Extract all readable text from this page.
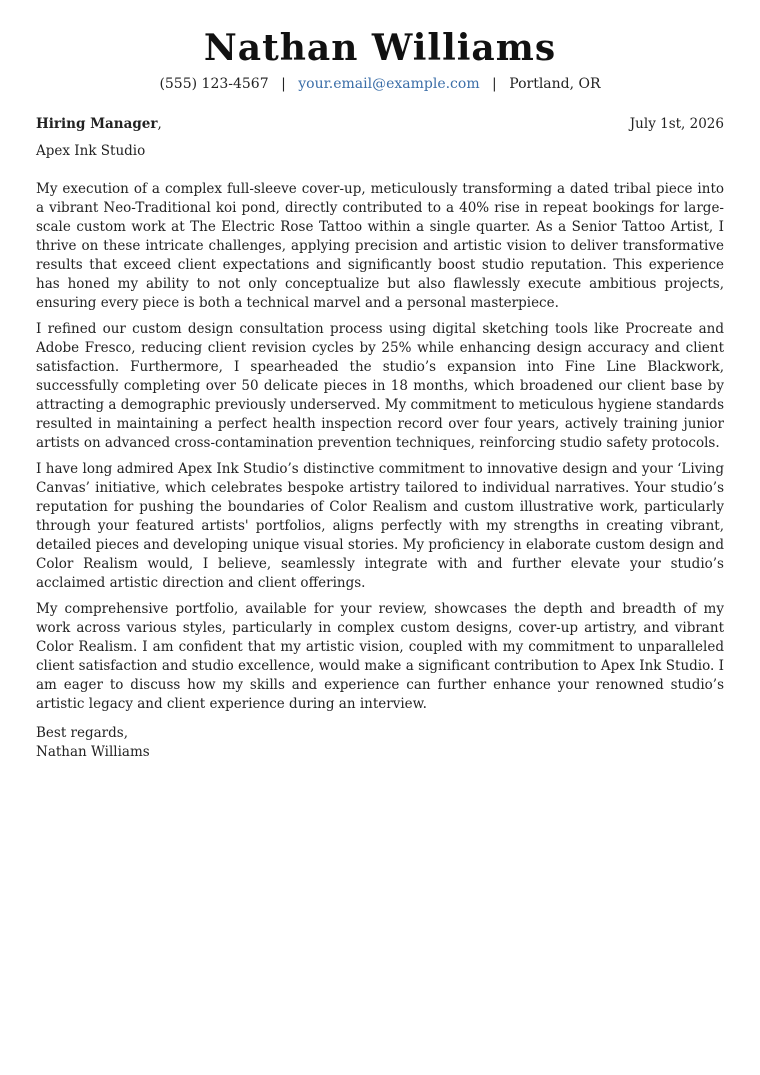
Nathan Williams
(555) 123-4567 | your.email@example.com | Portland, OR
Hiring Manager,	July 1st, 2026
Apex Ink Studio

My execution of a complex full-sleeve cover-up, meticulously transforming a dated tribal piece into a vibrant Neo-Traditional koi pond, directly contributed to a 40% rise in repeat bookings for large-scale custom work at The Electric Rose Tattoo within a single quarter. As a Senior Tattoo Artist, I thrive on these intricate challenges, applying precision and artistic vision to deliver transformative results that exceed client expectations and significantly boost studio reputation. This experience has honed my ability to not only conceptualize but also flawlessly execute ambitious projects, ensuring every piece is both a technical marvel and a personal masterpiece.

I refined our custom design consultation process using digital sketching tools like Procreate and Adobe Fresco, reducing client revision cycles by 25% while enhancing design accuracy and client satisfaction. Furthermore, I spearheaded the studio’s expansion into Fine Line Blackwork, successfully completing over 50 delicate pieces in 18 months, which broadened our client base by attracting a demographic previously underserved. My commitment to meticulous hygiene standards resulted in maintaining a perfect health inspection record over four years, actively training junior artists on advanced cross-contamination prevention techniques, reinforcing studio safety protocols.

I have long admired Apex Ink Studio’s distinctive commitment to innovative design and your ‘Living Canvas’ initiative, which celebrates bespoke artistry tailored to individual narratives. Your studio’s reputation for pushing the boundaries of Color Realism and custom illustrative work, particularly through your featured artists' portfolios, aligns perfectly with my strengths in creating vibrant, detailed pieces and developing unique visual stories. My proficiency in elaborate custom design and Color Realism would, I believe, seamlessly integrate with and further elevate your studio’s acclaimed artistic direction and client offerings.

My comprehensive portfolio, available for your review, showcases the depth and breadth of my work across various styles, particularly in complex custom designs, cover-up artistry, and vibrant Color Realism. I am confident that my artistic vision, coupled with my commitment to unparalleled client satisfaction and studio excellence, would make a significant contribution to Apex Ink Studio. I am eager to discuss how my skills and experience can further enhance your renowned studio’s artistic legacy and client experience during an interview.

Best regards,
Nathan Williams
